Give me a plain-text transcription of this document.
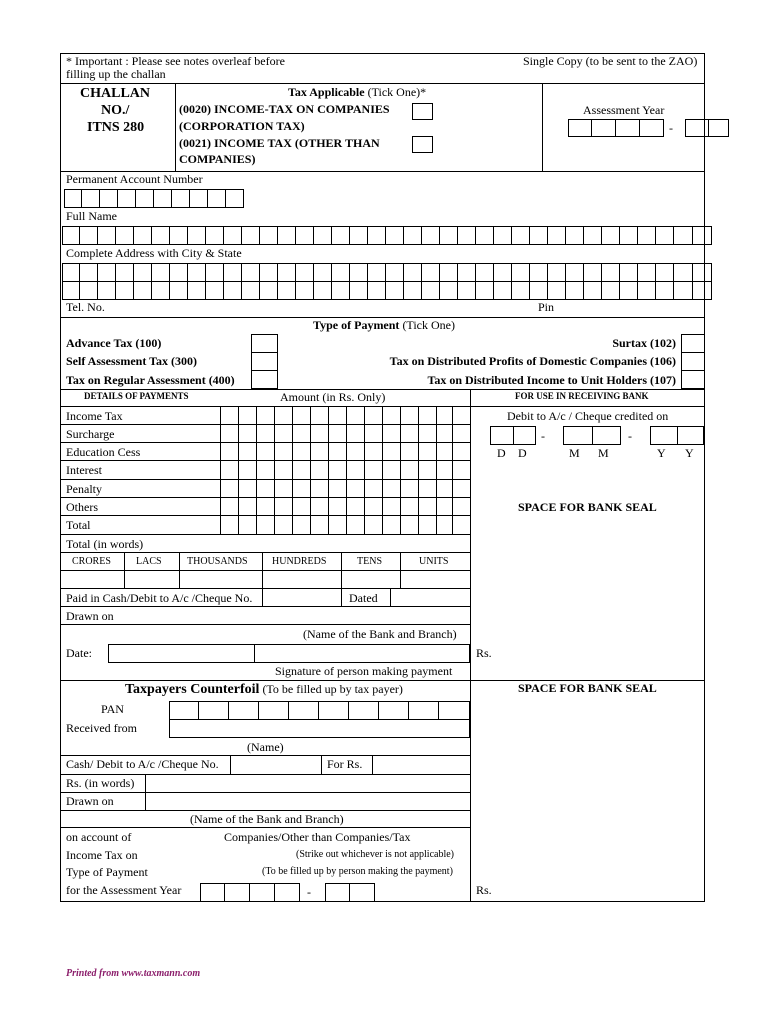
* Important : Please see notes overleaf before
filling up the challan
Single Copy (to be sent to the ZAO)
CHALLAN
NO./
ITNS 280
Tax Applicable (Tick One)*
(0020) INCOME-TAX ON COMPANIES
(CORPORATION TAX)
(0021) INCOME TAX (OTHER THAN
COMPANIES)
Assessment Year
-
Permanent Account Number
Full Name
Complete Address with City & State
Tel. No.	Pin
Type of Payment (Tick One)
Advance Tax (100)
Self Assessment Tax (300)
Tax on Regular Assessment (400)
Surtax (102)
Tax on Distributed Profits of Domestic Companies (106)
Tax on Distributed Income to Unit Holders (107)
DETAILS OF PAYMENTS	Amount (in Rs. Only)
Income Tax
Surcharge
Education Cess
Interest
Penalty
Others
Total
Total (in words)
CRORES	LACS	THOUSANDS HUNDREDS	TENS	UNITS
Paid in Cash/Debit to A/c /Cheque No.	Dated
Drawn on
(Name of the Bank and Branch)
Date:
Signature of person making payment
Rs.
FOR USE IN RECEIVING BANK
Debit to A/c / Cheque credited on
-	-
D D	M M	Y Y
SPACE FOR BANK SEAL
Taxpayers Counterfoil (To be filled up by tax payer)	SPACE FOR BANK SEAL
PAN
Received from
(Name)
Cash/ Debit to A/c /Cheque No.	For Rs.
Rs. (in words)
Drawn on
(Name of the Bank and Branch)
on account of
Income Tax on
Type of Payment
for the Assessment Year
Companies/Other than Companies/Tax
(Strike out whichever is not applicable)
(To be filled up by person making the payment)
-	Rs.
Printed from www.taxmann.com
